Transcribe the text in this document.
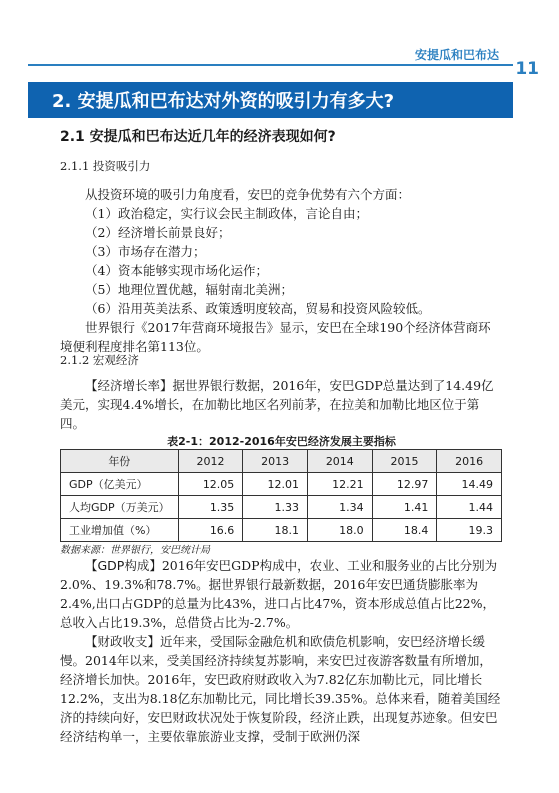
安提瓜和巴布达
11
2. 安提瓜和巴布达对外资的吸引力有多大?
2.1 安提瓜和巴布达近几年的经济表现如何?
2.1.1 投资吸引力

从投资环境的吸引力角度看，安巴的竞争优势有六个方面：

（1）政治稳定，实行议会民主制政体，言论自由；

（2）经济增长前景良好；

（3）市场存在潜力；

（4）资本能够实现市场化运作；

（5）地理位置优越，辐射南北美洲；

（6）沿用英美法系、政策透明度较高，贸易和投资风险较低。

世界银行《2017年营商环境报告》显示，安巴在全球190个经济体营商环境便利程度排名第113位。

2.1.2 宏观经济

【经济增长率】据世界银行数据，2016年，安巴GDP总量达到了14.49亿美元，实现4.4%增长，在加勒比地区名列前茅，在拉美和加勒比地区位于第四。

表2-1：2012-2016年安巴经济发展主要指标
年份	2012	2013	2014	2015	2016
GDP（亿美元）	12.05	12.01	12.21	12.97	14.49
人均GDP（万美元）	1.35	1.33	1.34	1.41	1.44
工业增加值（%）	16.6	18.1	18.0	18.4	19.3
数据来源：世界银行，安巴统计局

【GDP构成】2016年安巴GDP构成中，农业、工业和服务业的占比分别为2.0%、19.3%和78.7%。据世界银行最新数据，2016年安巴通货膨胀率为2.4%,出口占GDP的总量为比43%，进口占比47%，资本形成总值占比22%，总收入占比19.3%，总借贷占比为-2.7%。

【财政收支】近年来，受国际金融危机和欧债危机影响，安巴经济增长缓慢。2014年以来，受美国经济持续复苏影响，来安巴过夜游客数量有所增加，经济增长加快。2016年，安巴政府财政收入为7.82亿东加勒比元，同比增长12.2%，支出为8.18亿东加勒比元，同比增长39.35%。总体来看，随着美国经济的持续向好，安巴财政状况处于恢复阶段，经济止跌，出现复苏迹象。但安巴经济结构单一，主要依靠旅游业支撑，受制于欧洲仍深
